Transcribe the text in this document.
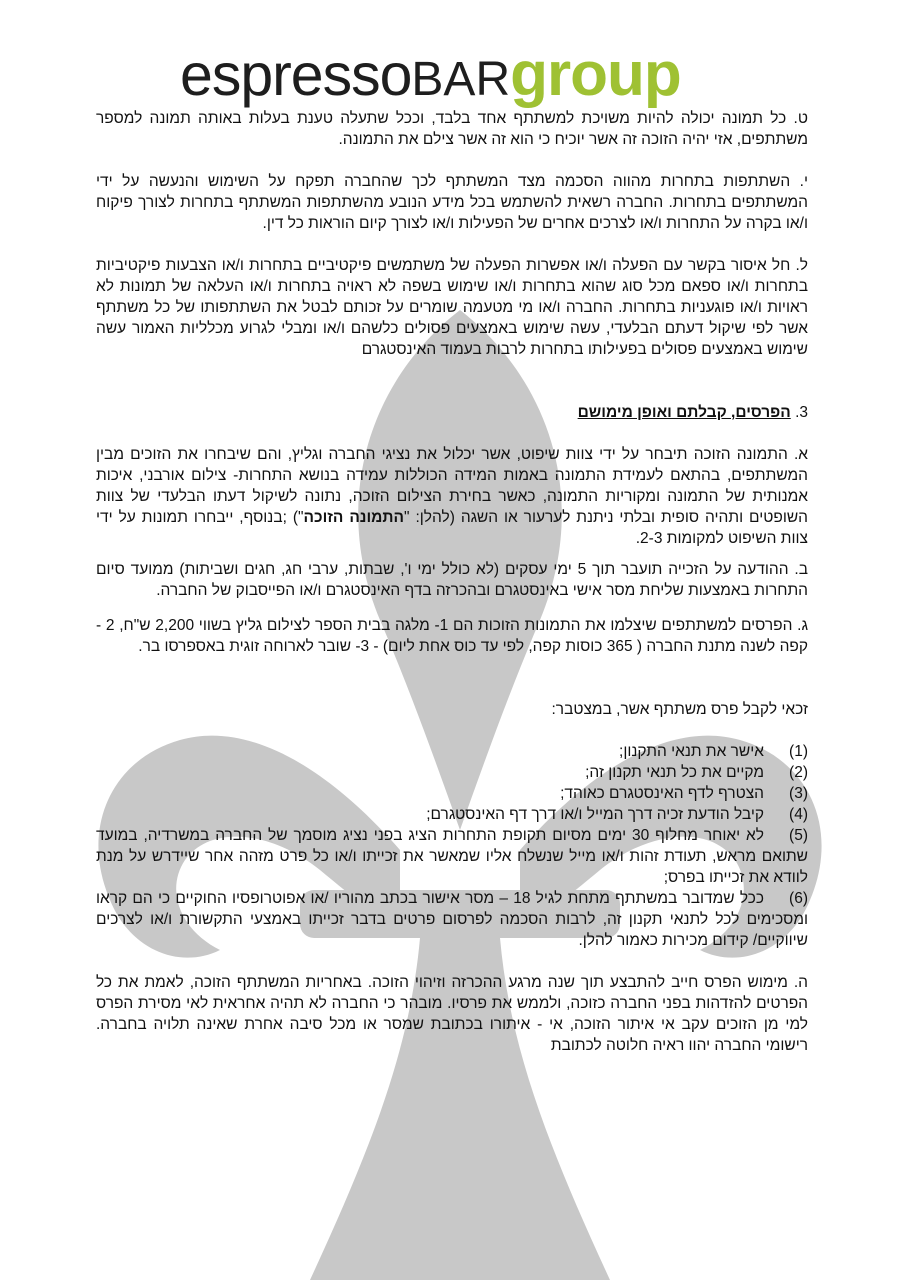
espressoBARgroup

ט. כל תמונה יכולה להיות משויכת למשתתף אחד בלבד, וככל שתעלה טענת בעלות באותה תמונה למספר משתתפים, אזי יהיה הזוכה זה אשר יוכיח כי הוא זה אשר צילם את התמונה.

י. השתתפות בתחרות מהווה הסכמה מצד המשתתף לכך שהחברה תפקח על השימוש והנעשה על ידי המשתתפים בתחרות. החברה רשאית להשתמש בכל מידע הנובע מהשתתפות המשתתף בתחרות לצורך פיקוח ו/או בקרה על התחרות ו/או לצרכים אחרים של הפעילות ו/או לצורך קיום הוראות כל דין.

ל. חל איסור בקשר עם הפעלה ו/או אפשרות הפעלה של משתמשים פיקטיביים בתחרות ו/או הצבעות פיקטיביות בתחרות ו/או ספאם מכל סוג שהוא בתחרות ו/או שימוש בשפה לא ראויה בתחרות ו/או העלאה של תמונות לא ראויות ו/או פוגעניות בתחרות. החברה ו/או מי מטעמה שומרים על זכותם לבטל את השתתפותו של כל משתתף אשר לפי שיקול דעתם הבלעדי, עשה שימוש באמצעים פסולים כלשהם ו/או ומבלי לגרוע מכלליות האמור עשה שימוש באמצעים פסולים בפעילותו בתחרות לרבות בעמוד האינסטגרם

3. הפרסים, קבלתם ואופן מימושם

א. התמונה הזוכה תיבחר על ידי צוות שיפוט, אשר יכלול את נציגי החברה וגליץ, והם שיבחרו את הזוכים מבין המשתתפים, בהתאם לעמידת התמונה באמות המידה הכוללות עמידה בנושא התחרות- צילום אורבני, איכות אמנותית של התמונה ומקוריות התמונה, כאשר בחירת הצילום הזוכה, נתונה לשיקול דעתו הבלעדי של צוות השופטים ותהיה סופית ובלתי ניתנת לערעור או השגה (להלן: "התמונה הזוכה") ;בנוסף, ייבחרו תמונות על ידי צוות השיפוט למקומות 2-3.

ב. ההודעה על הזכייה תועבר תוך 5 ימי עסקים (לא כולל ימי ו', שבתות, ערבי חג, חגים ושביתות) ממועד סיום התחרות באמצעות שליחת מסר אישי באינסטגרם ובהכרזה בדף האינסטגרם ו/או הפייסבוק של החברה.

ג. הפרסים למשתתפים שיצלמו את התמונות הזוכות הם 1- מלגה בבית הספר לצילום גליץ בשווי 2,200 ש"ח, 2 - קפה לשנה מתנת החברה ( 365 כוסות קפה, לפי עד כוס אחת ליום) - 3- שובר לארוחה זוגית באספרסו בר.

זכאי לקבל פרס משתתף אשר, במצטבר:

(1)אישר את תנאי התקנון;

(2)מקיים את כל תנאי תקנון זה;

(3)הצטרף לדף האינסטגרם כאוהד;

(4)קיבל הודעת זכיה דרך המייל ו/או דרך דף האינסטגרם;

(5)לא יאוחר מחלוף 30 ימים מסיום תקופת התחרות הציג בפני נציג מוסמך של החברה במשרדיה, במועד שתואם מראש, תעודת זהות ו/או מייל שנשלח אליו שמאשר את זכייתו ו/או כל פרט מזהה אחר שיידרש על מנת לוודא את זכייתו בפרס;

(6)ככל שמדובר במשתתף מתחת לגיל 18 – מסר אישור בכתב מהוריו /או אפוטרופסיו החוקיים כי הם קראו ומסכימים לכל לתנאי תקנון זה, לרבות הסכמה לפרסום פרטים בדבר זכייתו באמצעי התקשורת ו/או לצרכים שיווקיים/ קידום מכירות כאמור להלן.

ה. מימוש הפרס חייב להתבצע תוך שנה מרגע ההכרזה וזיהוי הזוכה. באחריות המשתתף הזוכה, לאמת את כל הפרטים להזדהות בפני החברה כזוכה, ולממש את פרסיו. מובהר כי החברה לא תהיה אחראית לאי מסירת הפרס למי מן הזוכים עקב אי איתור הזוכה, אי - איתורו בכתובת שמסר או מכל סיבה אחרת שאינה תלויה בחברה. רישומי החברה יהוו ראיה חלוטה לכתובת
